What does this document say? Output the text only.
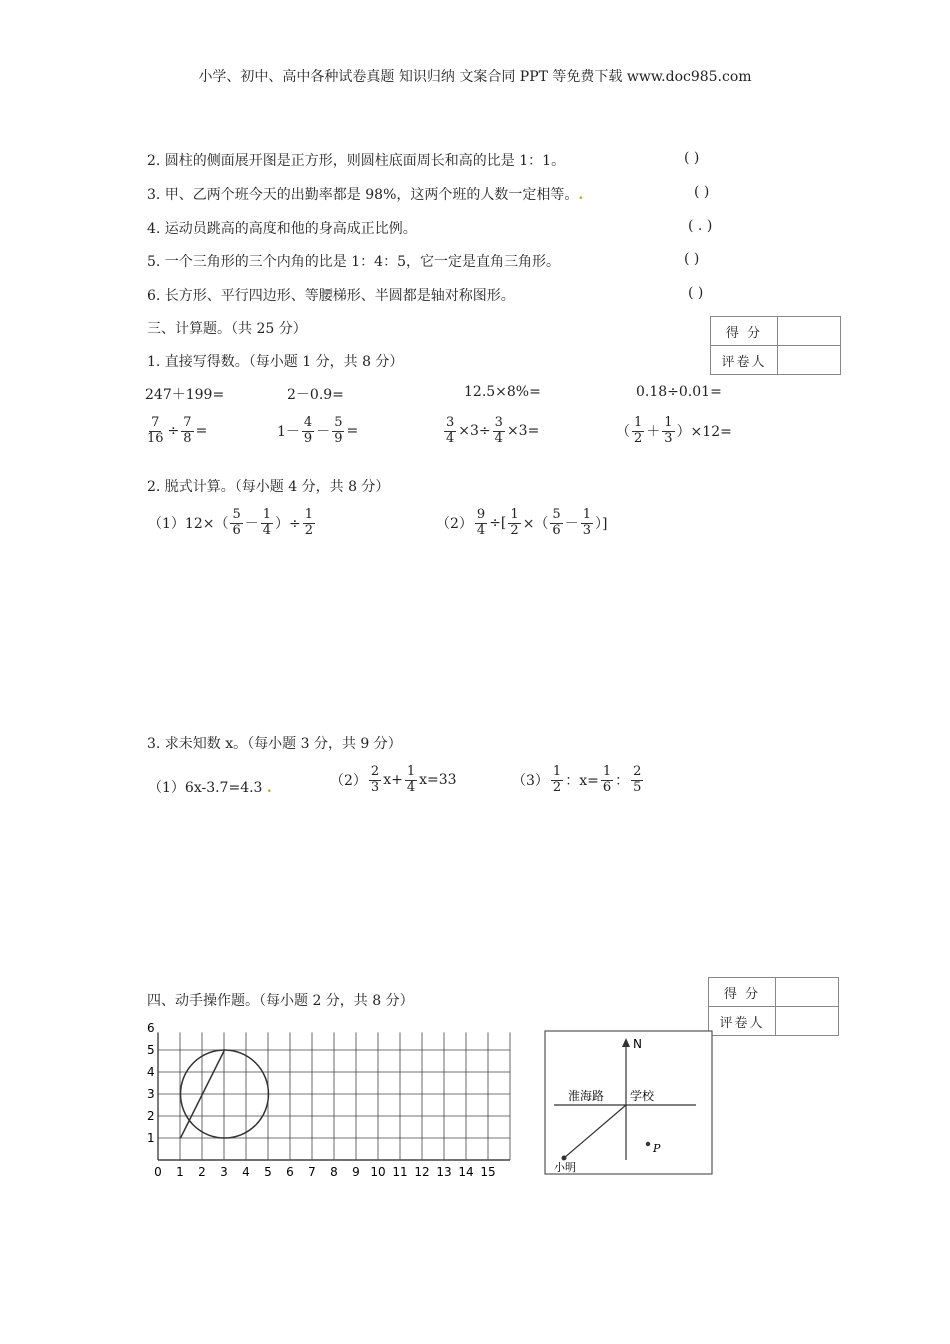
小学、初中、高中各种试卷真题 知识归纳 文案合同 PPT 等免费下载 www.doc985.com
2. 圆柱的侧面展开图是正方形，则圆柱底面周长和高的比是 1：1。	( )
3. 甲、乙两个班今天的出勤率都是 98%，这两个班的人数一定相等。.	( )
4. 运动员跳高的高度和他的身高成正比例。	( . )
5. 一个三角形的三个内角的比是 1：4：5，它一定是直角三角形。	( )
6. 长方形、平行四边形、等腰梯形、半圆都是轴对称图形。	( )
三、计算题。（共 25 分）	得 分	
评卷人	
1. 直接写得数。（每小题 1 分，共 8 分）
247＋199=	2－0.9=	12.5×8%=	0.18÷0.01=
$\frac{7}{16} \div \frac{7}{8}$ =	$1- \frac{4}{9} - \frac{5}{9}$ =	$\frac{3}{4} \times 3\div \frac{3}{4} \times 3=$	（ $\frac{1}{2} + \frac{1}{3} )\times 12=$
2. 脱式计算。（每小题 4 分，共 8 分）
（1）12× （ $\frac{5}{6} - \frac{1}{4}$ ）÷ $\frac{1}{2}$	$(2) \frac{9}{4}$ ÷[ $\frac{1}{2}$ ×（ $\frac{5}{6} - \frac{1}{3}$ ）]
3. 求未知数 x。（每小题 3 分，共 9 分）
（1）6x-3.7=4.3 .	$(2) \frac{2}{3} x+ \frac{1}{4} x=33$	$(3) \frac{1}{2}$ ：$x= \frac{1}{6}$ ： $\frac{2}{5}$
四、动手操作题。（每小题 2 分，共 8 分）	得 分	
评卷人	
0 1 2 3 4 5 6 7 8 9 10 11 12 13 14 15
1
2
3
4
5
6
N
淮海路 学校
小明
P
